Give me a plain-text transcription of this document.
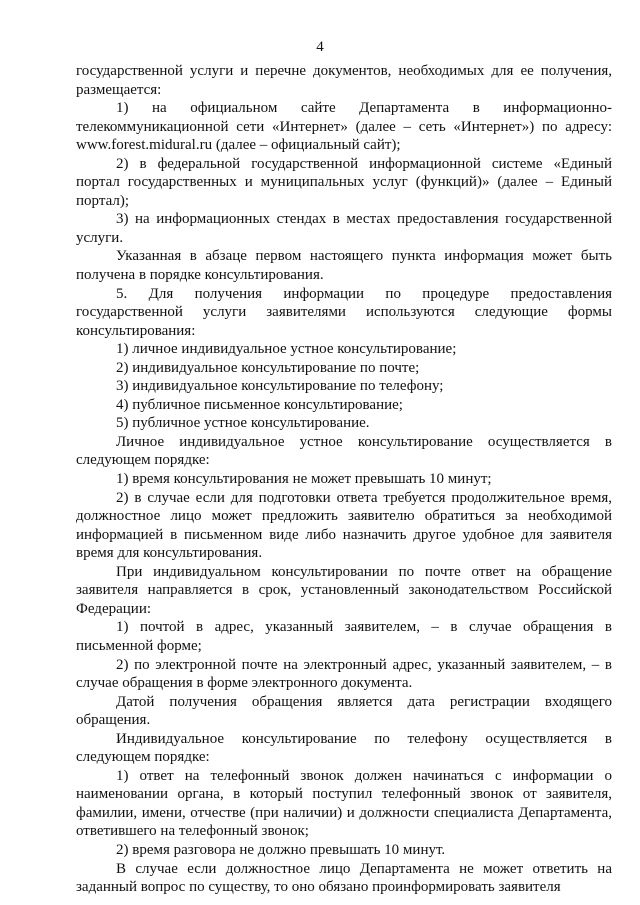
4

государственной услуги и перечне документов, необходимых для ее получения, размещается:

1) на официальном сайте Департамента в информационно-телекоммуникационной сети «Интернет» (далее – сеть «Интернет») по адресу: www.forest.midural.ru (далее – официальный сайт);

2) в федеральной государственной информационной системе «Единый портал государственных и муниципальных услуг (функций)» (далее – Единый портал);

3) на информационных стендах в местах предоставления государственной услуги.

Указанная в абзаце первом настоящего пункта информация может быть получена в порядке консультирования.

5. Для получения информации по процедуре предоставления государственной услуги заявителями используются следующие формы консультирования:

1) личное индивидуальное устное консультирование;

2) индивидуальное консультирование по почте;

3) индивидуальное консультирование по телефону;

4) публичное письменное консультирование;

5) публичное устное консультирование.

Личное индивидуальное устное консультирование осуществляется в следующем порядке:

1) время консультирования не может превышать 10 минут;

2) в случае если для подготовки ответа требуется продолжительное время, должностное лицо может предложить заявителю обратиться за необходимой информацией в письменном виде либо назначить другое удобное для заявителя время для консультирования.

При индивидуальном консультировании по почте ответ на обращение заявителя направляется в срок, установленный законодательством Российской Федерации:

1) почтой в адрес, указанный заявителем, – в случае обращения в письменной форме;

2) по электронной почте на электронный адрес, указанный заявителем, – в случае обращения в форме электронного документа.

Датой получения обращения является дата регистрации входящего обращения.

Индивидуальное консультирование по телефону осуществляется в следующем порядке:

1) ответ на телефонный звонок должен начинаться с информации о наименовании органа, в который поступил телефонный звонок от заявителя, фамилии, имени, отчестве (при наличии) и должности специалиста Департамента, ответившего на телефонный звонок;

2) время разговора не должно превышать 10 минут.

В случае если должностное лицо Департамента не может ответить на заданный вопрос по существу, то оно обязано проинформировать заявителя
